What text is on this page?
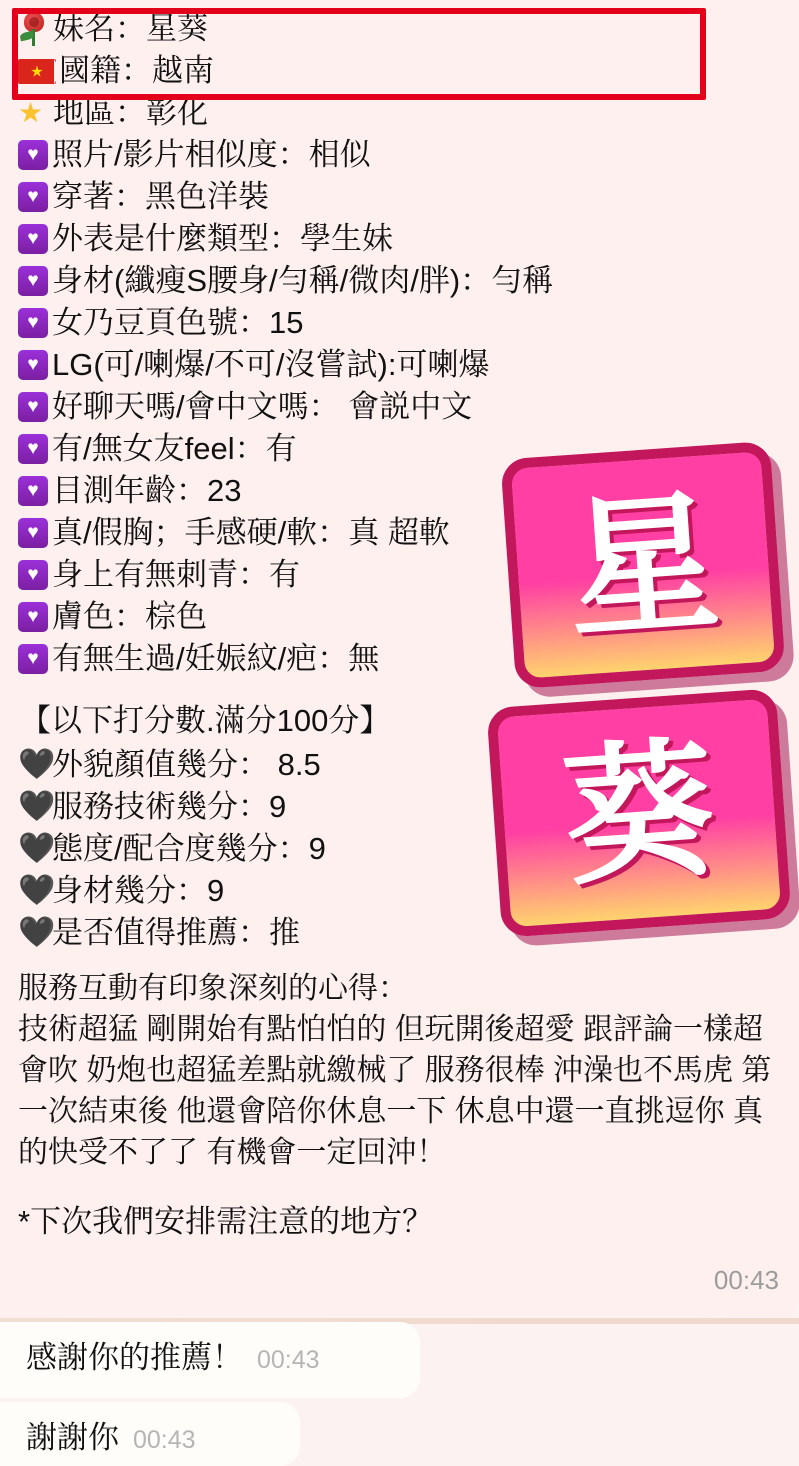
妹名：星葵
★
國籍：越南
★ 地區：彰化
♥
照片/影片相似度：相似
♥
穿著：黑色洋裝
♥
外表是什麼類型：學生妹
♥
身材(纖瘦S腰身/勻稱/微肉/胖)：勻稱
♥
女乃豆頁色號：15
♥
LG(可/喇爆/不可/沒嘗試):可喇爆
♥
好聊天嗎/會中文嗎： 會説中文
♥
有/無女友feel：有
♥
目測年齡：23
♥
真/假胸；手感硬/軟：真 超軟
♥
身上有無刺青：有
♥
膚色：棕色
♥
有無生過/妊娠紋/疤：無
【以下打分數.滿分100分】
🖤
外貌顏值幾分： 8.5
🖤
服務技術幾分：9
🖤
態度/配合度幾分：9
🖤
身材幾分：9
🖤
是否值得推薦：推
服務互動有印象深刻的心得：
技術超猛 剛開始有點怕怕的 但玩開後超愛 跟評論一樣超會吹 奶炮也超猛差點就繳械了 服務很棒 沖澡也不馬虎 第一次結束後 他還會陪你休息一下 休息中還一直挑逗你 真的快受不了了 有機會一定回沖！
*下次我們安排需注意的地方？
00:43
星
葵
感謝你的推薦！ 00:43
謝謝你 00:43
